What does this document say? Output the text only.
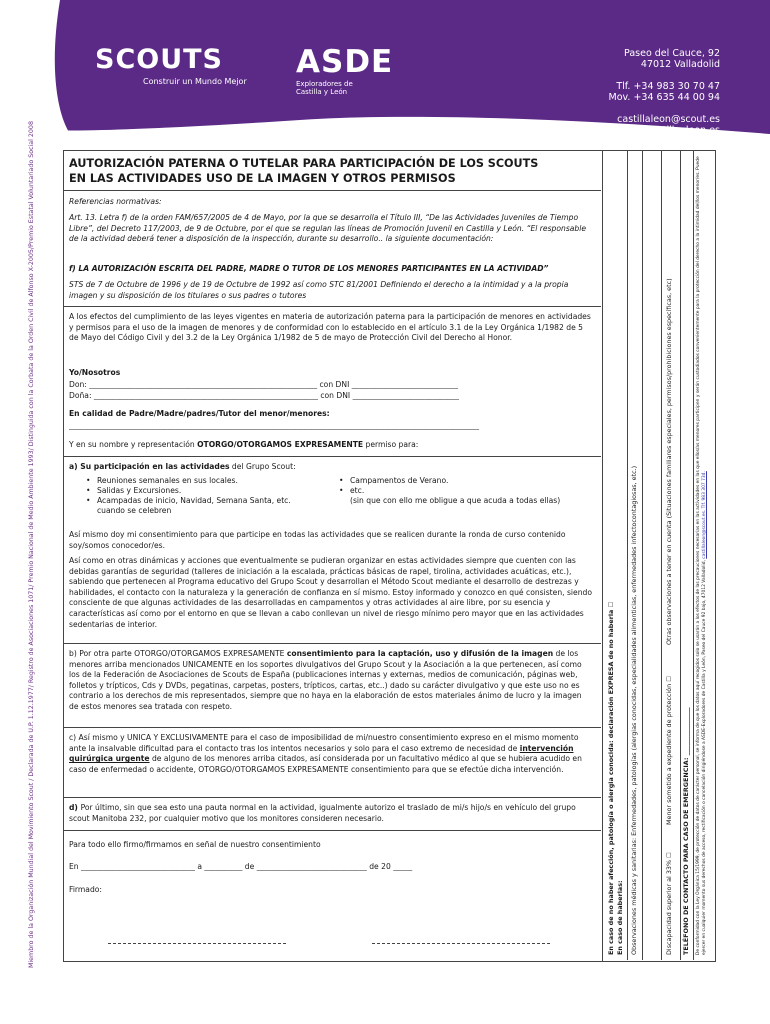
SCOUTS
Construir un Mundo Mejor
ASDE
Exploradores de Castilla y León
Paseo del Cauce, 92
47012 Valladolid
Tlf. +34 983 30 70 47
Mov. +34 635 44 00 94
castillaleon@scout.es
www.soyscoutencastilleyleon.es
Miembro de la Organización Mundial del Movimiento Scout / Declarada de U.P. 1.12.1977/ Registro de Asociaciones 1071/ Premio Nacional de Medio Ambiente 1993/ Distinguida con la Corbata de la Orden Civil de Alfonso X-2005/Premio Estatal Voluntariado Social 2008	AUTORIZACIÓN PATERNA O TUTELAR PARA PARTICIPACIÓN DE LOS SCOUTS
EN LAS ACTIVIDADES USO DE LA IMAGEN Y OTROS PERMISOS
Referencias normativas:
Art. 13. Letra f) de la orden FAM/657/2005 de 4 de Mayo, por la que se desarrolla el Título III, “De las Actividades Juveniles de Tiempo Libre”, del Decreto 117/2003, de 9 de Octubre, por el que se regulan las líneas de Promoción Juvenil en Castilla y León. “El responsable de la actividad deberá tener a disposición de la inspección, durante su desarrollo.. la siguiente documentación:
f) LA AUTORIZACIÓN ESCRITA DEL PADRE, MADRE O TUTOR DE LOS MENORES PARTICIPANTES EN LA ACTIVIDAD”
STS de 7 de Octubre de 1996 y de 19 de Octubre de 1992 así como STC 81/2001 Definiendo el derecho a la intimidad y a la propia imagen y su disposición de los titulares o sus padres o tutores
A los efectos del cumplimiento de las leyes vigentes en materia de autorización paterna para la participación de menores en actividades y permisos para el uso de la imagen de menores y de conformidad con lo establecido en el artículo 3.1 de la Ley Orgánica 1/1982 de 5 de Mayo del Código Civil y del 3.2 de la Ley Orgánica 1/1982 de 5 de mayo de Protección Civil del Derecho al Honor.
Yo/Nosotros
Don: ____________________________________________________________ con DNI ____________________________
Doña: ___________________________________________________________ con DNI ____________________________
En calidad de Padre/Madre/padres/Tutor del menor/menores:
____________________________________________________________________________________________________________
Y en su nombre y representación OTORGO/OTORGAMOS EXPRESAMENTE permiso para:
a) Su participación en las actividades del Grupo Scout:
• Reuniones semanales en sus locales.
• Salidas y Excursiones.
• Acampadas de inicio, Navidad, Semana Santa, etc. cuando se celebren
• Campamentos de Verano.
• etc.
(sin que con ello me obligue a que acuda a todas ellas)
Así mismo doy mi consentimiento para que participe en todas las actividades que se realicen durante la ronda de curso contenido soy/somos conocedor/es.
Así como en otras dinámicas y acciones que eventualmente se pudieran organizar en estas actividades siempre que cuenten con las debidas garantías de seguridad (talleres de iniciación a la escalada, prácticas básicas de rapel, tirolina, actividades acuáticas, etc.), sabiendo que pertenecen al Programa educativo del Grupo Scout y desarrollan el Método Scout mediante el desarrollo de destrezas y habilidades, el contacto con la naturaleza y la generación de confianza en sí mismo. Estoy informado y conozco en qué consisten, siendo consciente de que algunas actividades de las desarrolladas en campamentos y otras actividades al aire libre, por su esencia y características así como por el entorno en que se llevan a cabo conllevan un nivel de riesgo mínimo pero mayor que en las actividades sedentarias de interior.
b) Por otra parte OTORGO/OTORGAMOS EXPRESAMENTE consentimiento para la captación, uso y difusión de la imagen de los menores arriba mencionados UNICAMENTE en los soportes divulgativos del Grupo Scout y la Asociación a la que pertenecen, así como los de la Federación de Asociaciones de Scouts de España (publicaciones internas y externas, medios de comunicación, páginas web, folletos y trípticos, Cds y DVDs, pegatinas, carpetas, posters, trípticos, cartas, etc..) dado su carácter divulgativo y que este uso no es contrario a los derechos de mis representados, siempre que no haya en la elaboración de estos materiales ánimo de lucro y la imagen de estos menores sea tratada con respeto.
c) Así mismo y UNICA Y EXCLUSIVAMENTE para el caso de imposibilidad de mi/nuestro consentimiento expreso en el mismo momento ante la insalvable dificultad para el contacto tras los intentos necesarios y solo para el caso extremo de necesidad de intervención quirúrgica urgente de alguno de los menores arriba citados, así considerada por un facultativo médico al que se hubiera acudido en caso de enfermedad o accidente, OTORGO/OTORGAMOS EXPRESAMENTE consentimiento para que se efectúe dicha intervención.
d) Por último, sin que sea esto una pauta normal en la actividad, igualmente autorizo el traslado de mi/s hijo/s en vehículo del grupo scout Manitoba 232, por cualquier motivo que los monitores consideren necesario.
Para todo ello firmo/firmamos en señal de nuestro consentimiento
En ______________________________ a __________ de _____________________________ de 20 _____
Firmado:	En caso de no haber afección, patología o alergia conocida: declaración EXPRESA de no haberla ☐ En caso de haberlas: Observaciones médicas y sanitarias: Enfermedades, patologías (alergias conocidas, especialidades alimenticias, enfermedades infectocontagiosas, etc.)	Discapacidad superior al 33% ☐
Menor sometido a expediente de protección ☐
Otras observaciones a tener en cuenta (Situaciones familiares especiales, permisos/prohibiciones específicas, etc)
TELÉFONO DE CONTACTO PARA CASO DE EMERGENCIA: _______________ De conformidad con la Ley Orgánica 15/1999, de protección de datos de carácter personal, se informa de que los datos aquí recogidos solo se usarán a los efectos de las precauciones necesarias en las actividades en las que ellos/as menores participen y serán custodiados convenientemente para la protección del derecho a la intimidad del/los menor/es. Puede ejercer en cualquier momento sus derechos de acceso, rectificación o cancelación dirigiéndose a ASDE-Exploradores de Castilla y León, Paseo del Cauce 92 bajo, 47012 Valladolid, castillaleon@scout.es. Tlf. 983 307 734.
